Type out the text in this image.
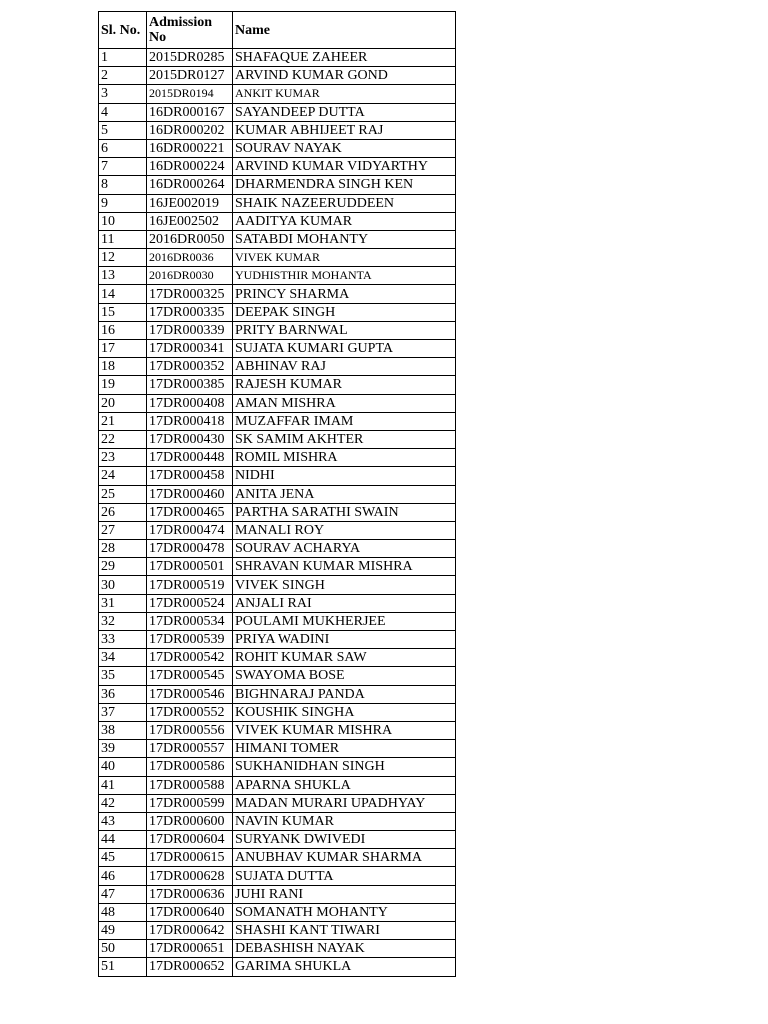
Sl. No.	Admission No	Name
1	2015DR0285	SHAFAQUE ZAHEER
2	2015DR0127	ARVIND KUMAR GOND
3	2015DR0194	ANKIT KUMAR
4	16DR000167	SAYANDEEP DUTTA
5	16DR000202	KUMAR ABHIJEET RAJ
6	16DR000221	SOURAV NAYAK
7	16DR000224	ARVIND KUMAR VIDYARTHY
8	16DR000264	DHARMENDRA SINGH KEN
9	16JE002019	SHAIK NAZEERUDDEEN
10	16JE002502	AADITYA KUMAR
11	2016DR0050	SATABDI MOHANTY
12	2016DR0036	VIVEK KUMAR
13	2016DR0030	YUDHISTHIR MOHANTA
14	17DR000325	PRINCY SHARMA
15	17DR000335	DEEPAK SINGH
16	17DR000339	PRITY BARNWAL
17	17DR000341	SUJATA KUMARI GUPTA
18	17DR000352	ABHINAV RAJ
19	17DR000385	RAJESH KUMAR
20	17DR000408	AMAN MISHRA
21	17DR000418	MUZAFFAR IMAM
22	17DR000430	SK SAMIM AKHTER
23	17DR000448	ROMIL MISHRA
24	17DR000458	NIDHI
25	17DR000460	ANITA JENA
26	17DR000465	PARTHA SARATHI SWAIN
27	17DR000474	MANALI ROY
28	17DR000478	SOURAV ACHARYA
29	17DR000501	SHRAVAN KUMAR MISHRA
30	17DR000519	VIVEK SINGH
31	17DR000524	ANJALI RAI
32	17DR000534	POULAMI MUKHERJEE
33	17DR000539	PRIYA WADINI
34	17DR000542	ROHIT KUMAR SAW
35	17DR000545	SWAYOMA BOSE
36	17DR000546	BIGHNARAJ PANDA
37	17DR000552	KOUSHIK SINGHA
38	17DR000556	VIVEK KUMAR MISHRA
39	17DR000557	HIMANI TOMER
40	17DR000586	SUKHANIDHAN SINGH
41	17DR000588	APARNA SHUKLA
42	17DR000599	MADAN MURARI UPADHYAY
43	17DR000600	NAVIN KUMAR
44	17DR000604	SURYANK DWIVEDI
45	17DR000615	ANUBHAV KUMAR SHARMA
46	17DR000628	SUJATA DUTTA
47	17DR000636	JUHI RANI
48	17DR000640	SOMANATH MOHANTY
49	17DR000642	SHASHI KANT TIWARI
50	17DR000651	DEBASHISH NAYAK
51	17DR000652	GARIMA SHUKLA
